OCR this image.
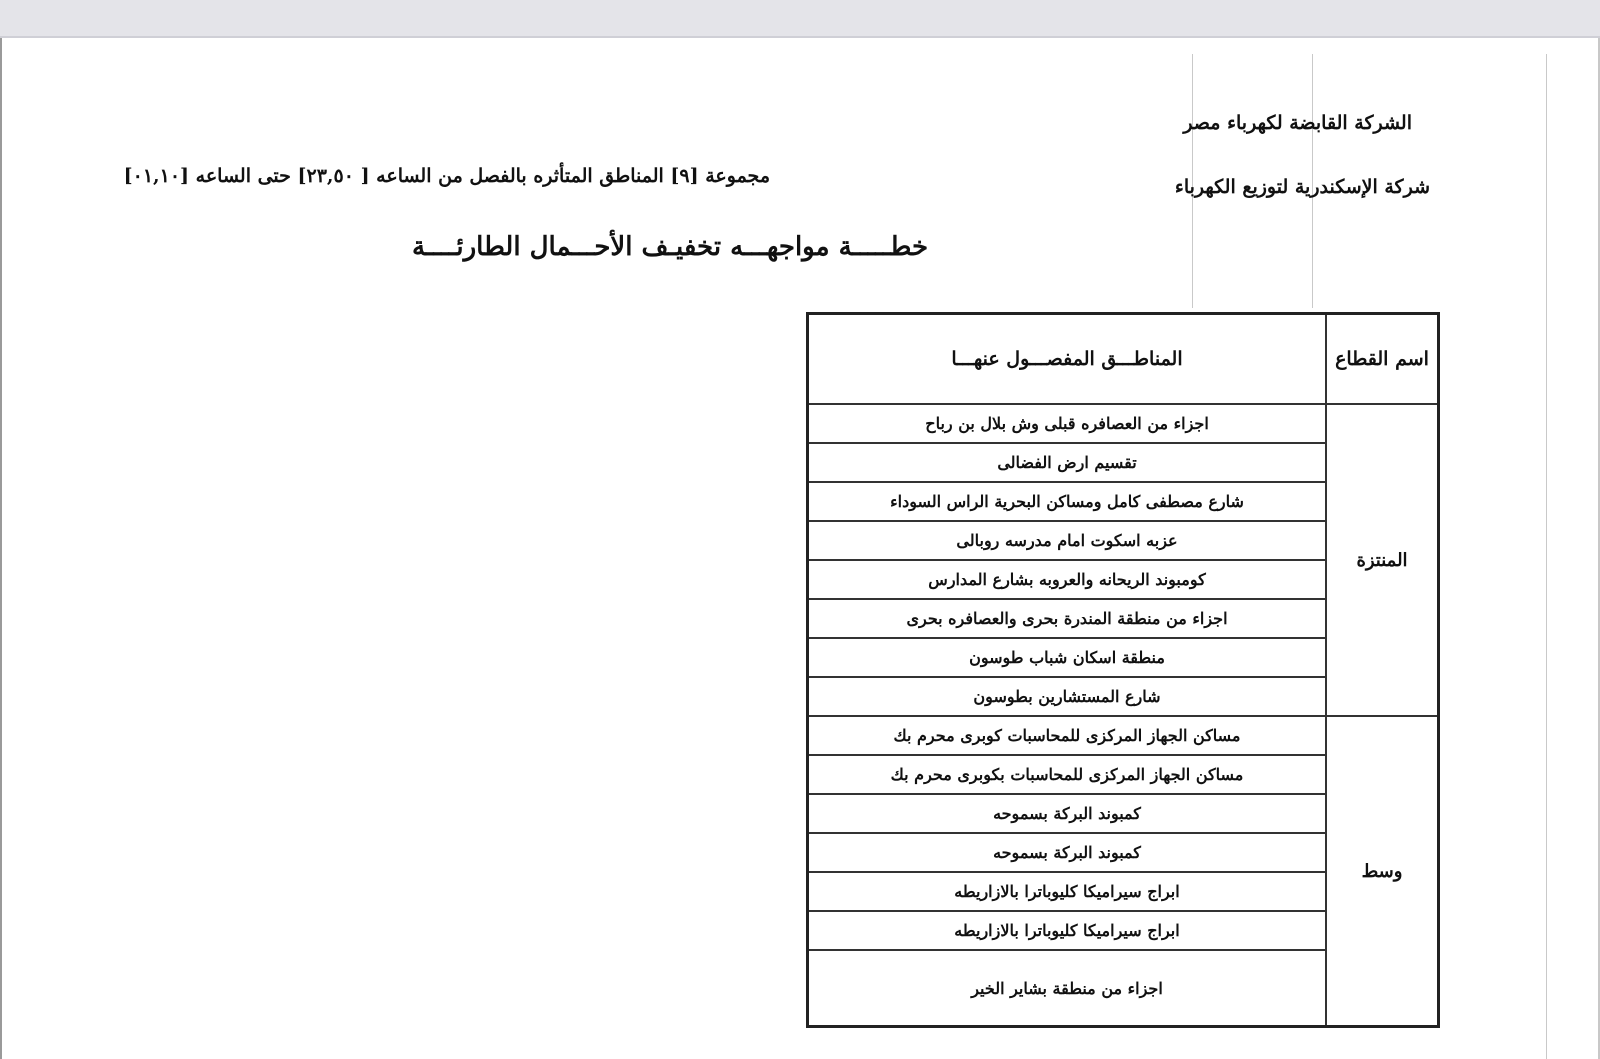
الشركة القابضة لكهرباء مصر
شركة الإسكندرية لتوزيع الكهرباء
مجموعة [٩] المناطق المتأثره بالفصل من الساعه [ ٢٣,٥٠] حتى الساعه [٠١,١٠]
خطـــــة مواجهـــه تخفيـف الأحـــمال الطارئــــة
اسم القطاع	المناطـــق المفصـــول عنهـــا
المنتزة	اجزاء من العصافره قبلى وش بلال بن رباح
	تقسيم ارض الفضالى
	شارع مصطفى كامل ومساكن البحرية الراس السوداء
	عزبه اسكوت امام مدرسه روبالى
	كومبوند الريحانه والعروبه بشارع المدارس
	اجزاء من منطقة المندرة بحرى والعصافره بحرى
	منطقة اسكان شباب طوسون
	شارع المستشارين بطوسون
وسط	مساكن الجهاز المركزى للمحاسبات كوبرى محرم بك
	مساكن الجهاز المركزى للمحاسبات بكوبرى محرم بك
	كمبوند البركة بسموحه
	كمبوند البركة بسموحه
	ابراج سيراميكا كليوباترا بالازاريطه
	ابراج سيراميكا كليوباترا بالازاريطه
	اجزاء من منطقة بشاير الخير
